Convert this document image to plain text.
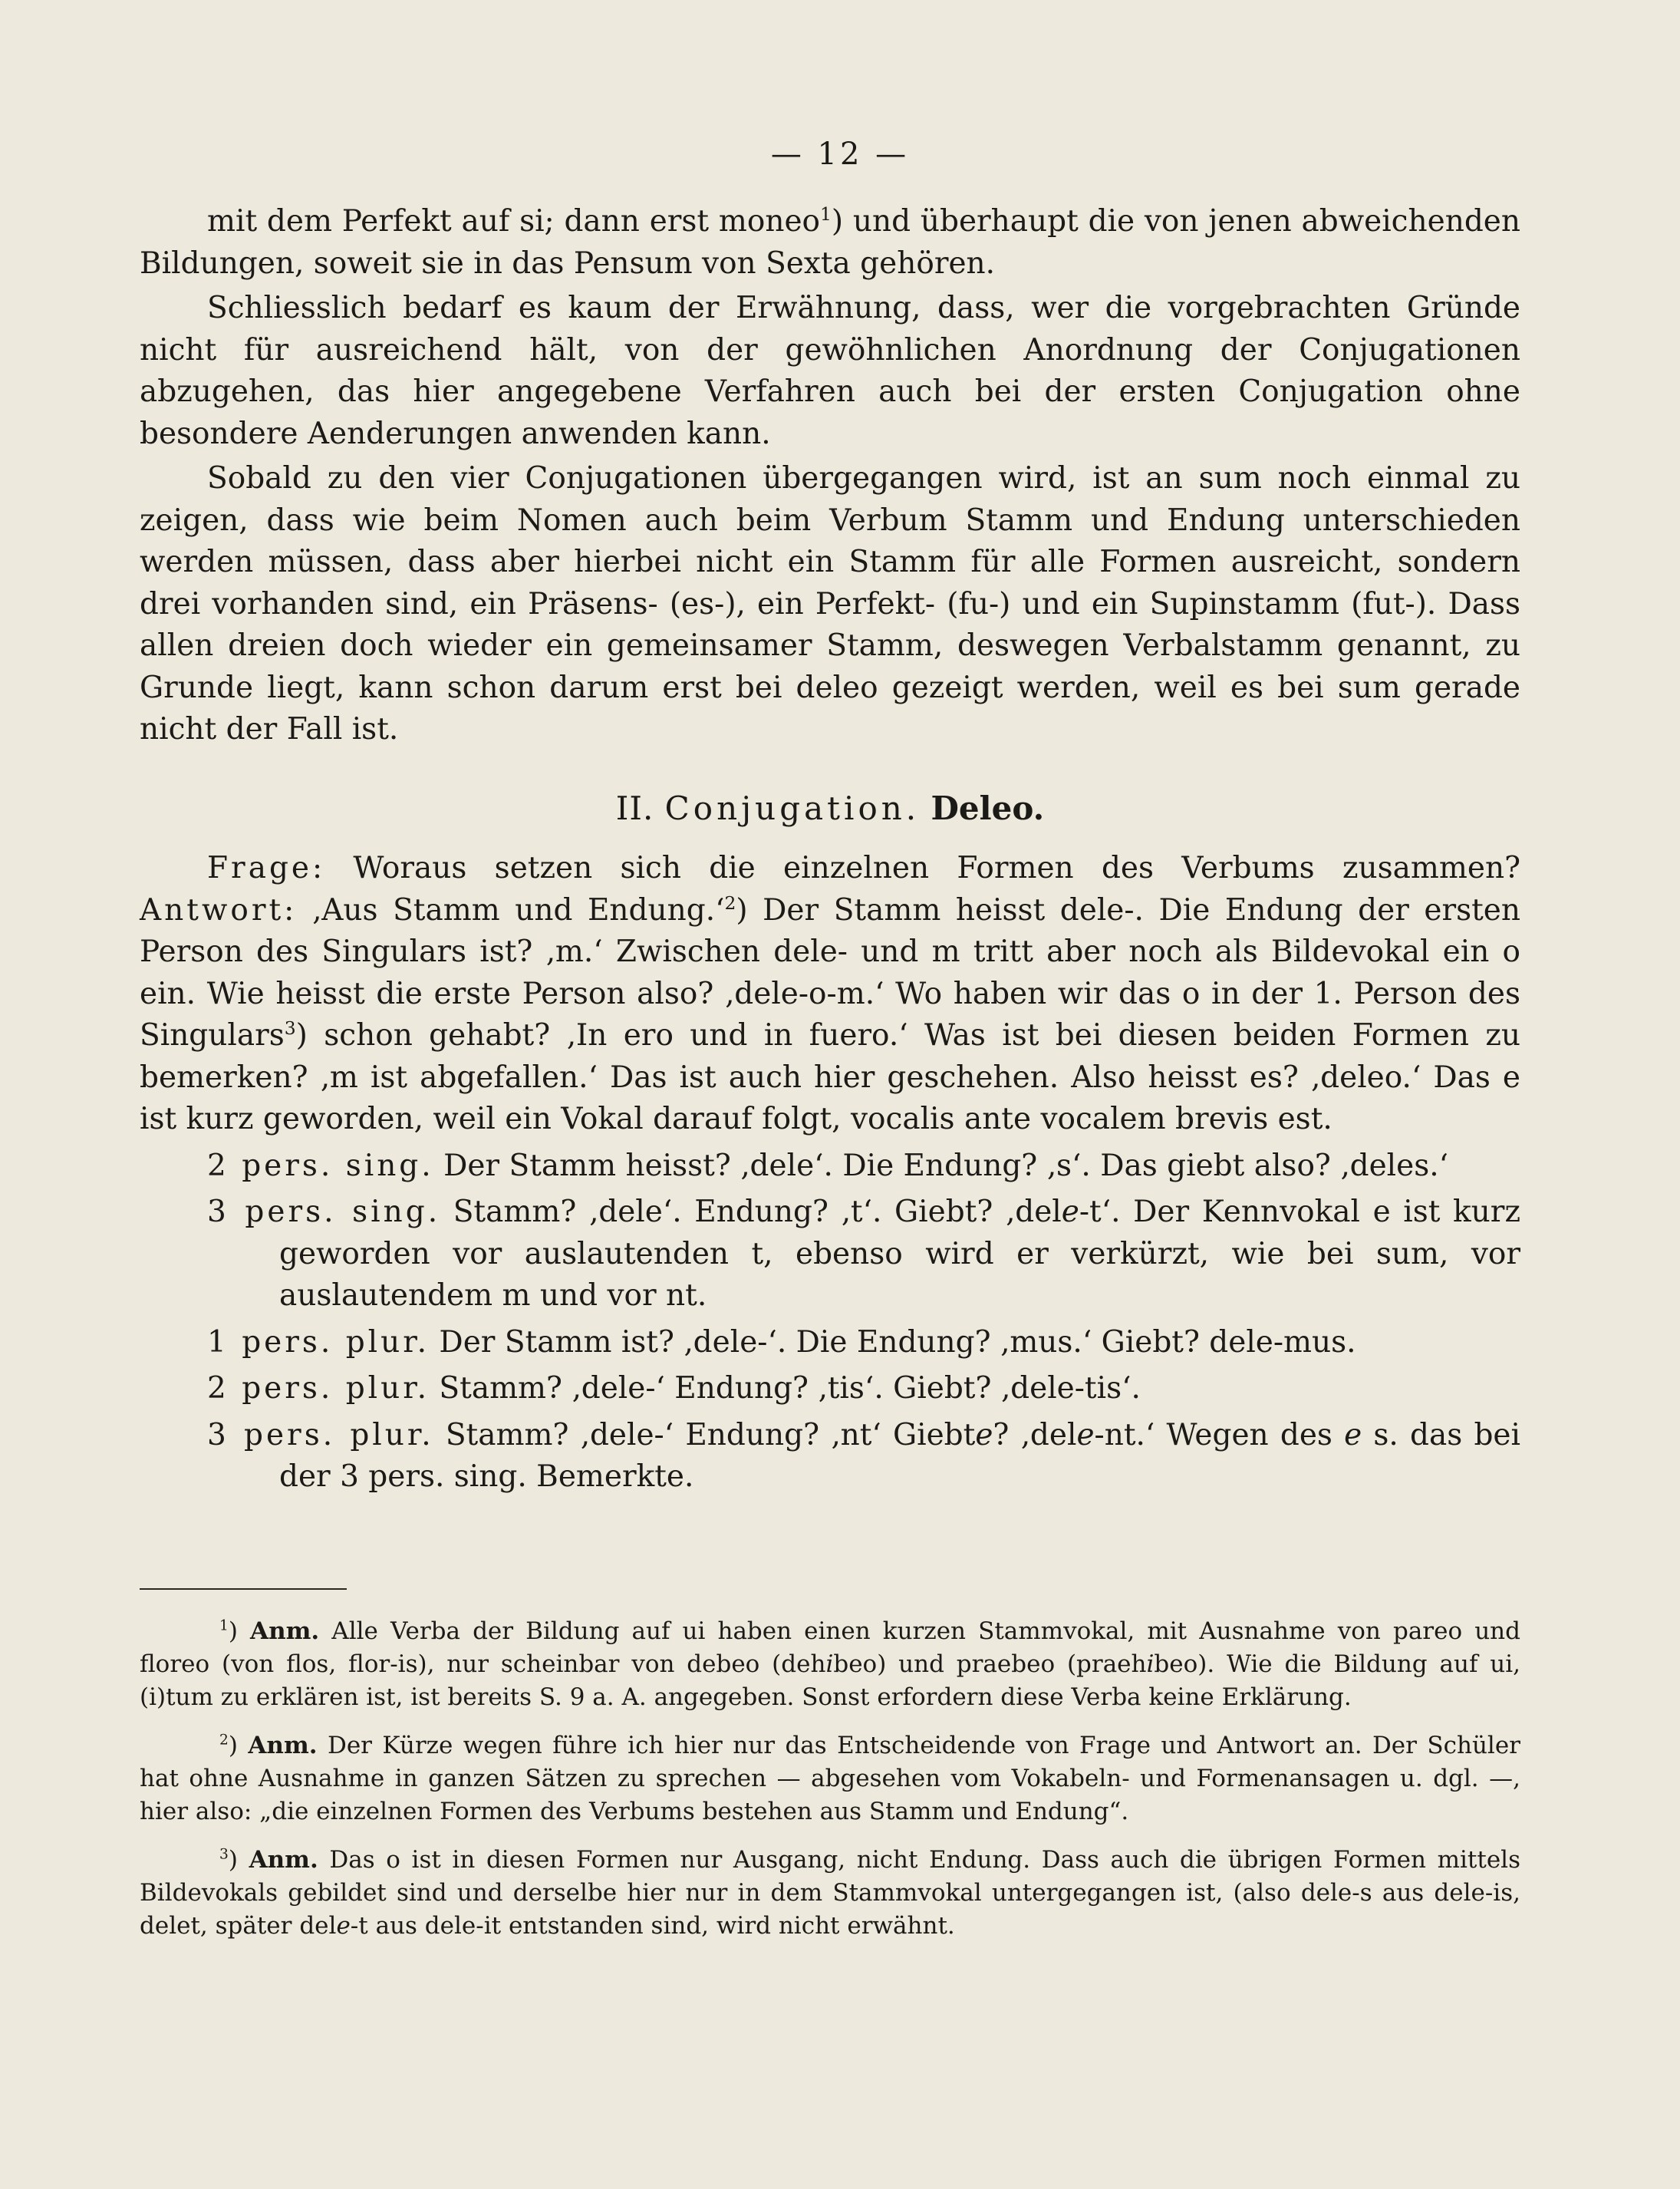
— 12 —

mit dem Perfekt auf si; dann erst moneo$^1$) und überhaupt die von jenen abweichenden Bildungen, soweit sie in das Pensum von Sexta gehören.

Schliesslich bedarf es kaum der Erwähnung, dass, wer die vorgebrachten Gründe nicht für ausreichend hält, von der gewöhnlichen Anordnung der Conjugationen abzugehen, das hier angegebene Verfahren auch bei der ersten Conjugation ohne besondere Aenderungen anwenden kann.

Sobald zu den vier Conjugationen übergegangen wird, ist an sum noch einmal zu zeigen, dass wie beim Nomen auch beim Verbum Stamm und Endung unterschieden werden müssen, dass aber hierbei nicht ein Stamm für alle Formen ausreicht, sondern drei vorhanden sind, ein Präsens- (es-), ein Perfekt- (fu-) und ein Supinstamm (fut-). Dass allen dreien doch wieder ein gemeinsamer Stamm, deswegen Verbalstamm genannt, zu Grunde liegt, kann schon darum erst bei deleo gezeigt werden, weil es bei sum gerade nicht der Fall ist.

II. Conjugation. Deleo.

Frage: Woraus setzen sich die einzelnen Formen des Verbums zusammen? Antwort: ‚Aus Stamm und Endung.‘$^2$) Der Stamm heisst dele-. Die Endung der ersten Person des Singulars ist? ‚m.‘ Zwischen dele- und m tritt aber noch als Bildevokal ein o ein. Wie heisst die erste Person also? ‚dele-o-m.‘ Wo haben wir das o in der 1. Person des Singulars$^3$) schon gehabt? ‚In ero und in fuero.‘ Was ist bei diesen beiden Formen zu bemerken? ‚m ist abgefallen.‘ Das ist auch hier geschehen. Also heisst es? ‚deleo.‘ Das e ist kurz geworden, weil ein Vokal darauf folgt, vocalis ante vocalem brevis est.

2 pers. sing. Der Stamm heisst? ‚dele‘. Die Endung? ‚s‘. Das giebt also? ‚deles.‘

3 pers. sing. Stamm? ‚dele‘. Endung? ‚t‘. Giebt? ‚dele-t‘. Der Kennvokal e ist kurz geworden vor auslautenden t, ebenso wird er verkürzt, wie bei sum, vor auslautendem m und vor nt.

1 pers. plur. Der Stamm ist? ‚dele-‘. Die Endung? ‚mus.‘ Giebt? dele-mus.

2 pers. plur. Stamm? ‚dele-‘ Endung? ‚tis‘. Giebt? ‚dele-tis‘.

3 pers. plur. Stamm? ‚dele-‘ Endung? ‚nt‘ Giebte? ‚dele-nt.‘ Wegen des e s. das bei der 3 pers. sing. Bemerkte.

$^1$) Anm. Alle Verba der Bildung auf ui haben einen kurzen Stammvokal, mit Ausnahme von pareo und floreo (von flos, flor-is), nur scheinbar von debeo (dehibeo) und praebeo (praehibeo). Wie die Bildung auf ui, (i)tum zu erklären ist, ist bereits S. 9 a. A. angegeben. Sonst erfordern diese Verba keine Erklärung.

$^2$) Anm. Der Kürze wegen führe ich hier nur das Entscheidende von Frage und Antwort an. Der Schüler hat ohne Ausnahme in ganzen Sätzen zu sprechen — abgesehen vom Vokabeln- und Formenansagen u. dgl. —, hier also: „die einzelnen Formen des Verbums bestehen aus Stamm und Endung“.

$^3$) Anm. Das o ist in diesen Formen nur Ausgang, nicht Endung. Dass auch die übrigen Formen mittels Bildevokals gebildet sind und derselbe hier nur in dem Stammvokal untergegangen ist, (also dele-s aus dele-is, delet, später dele-t aus dele-it entstanden sind, wird nicht erwähnt.
